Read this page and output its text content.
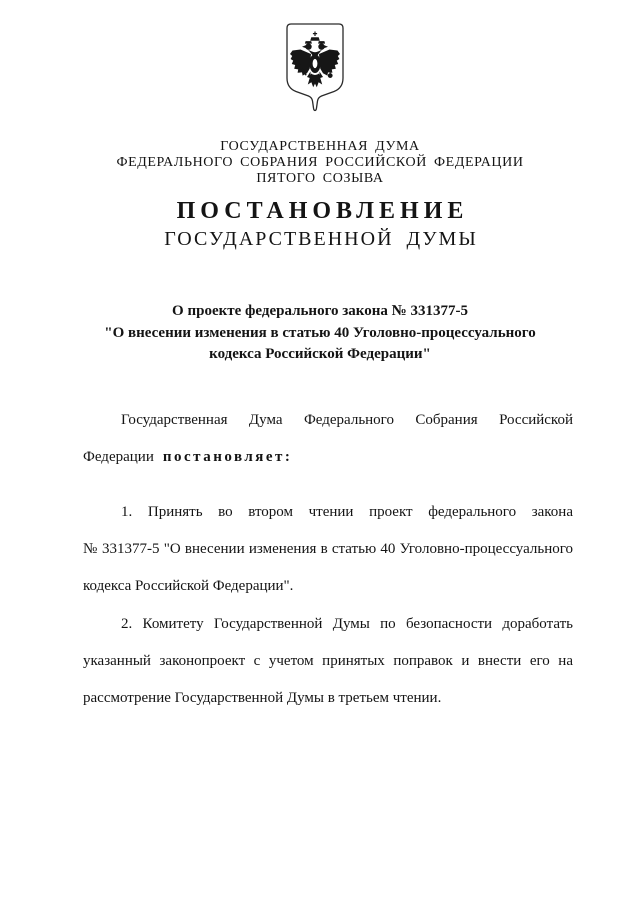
ГОСУДАРСТВЕННАЯ ДУМА
ФЕДЕРАЛЬНОГО СОБРАНИЯ РОССИЙСКОЙ ФЕДЕРАЦИИ
ПЯТОГО СОЗЫВА
ПОСТАНОВЛЕНИЕ
ГОСУДАРСТВЕННОЙ ДУМЫ
О проекте федерального закона № 331377-5
"О внесении изменения в статью 40 Уголовно-процессуального
кодекса Российской Федерации"
Государственная Дума Федерального Собрания Российской
Федерации постановляет:
1. Принять во втором чтении проект федерального закона
№ 331377-5 "О внесении изменения в статью 40 Уголовно-процессуального
кодекса Российской Федерации".
2. Комитету Государственной Думы по безопасности доработать
указанный законопроект с учетом принятых поправок и внести его на
рассмотрение Государственной Думы в третьем чтении.
